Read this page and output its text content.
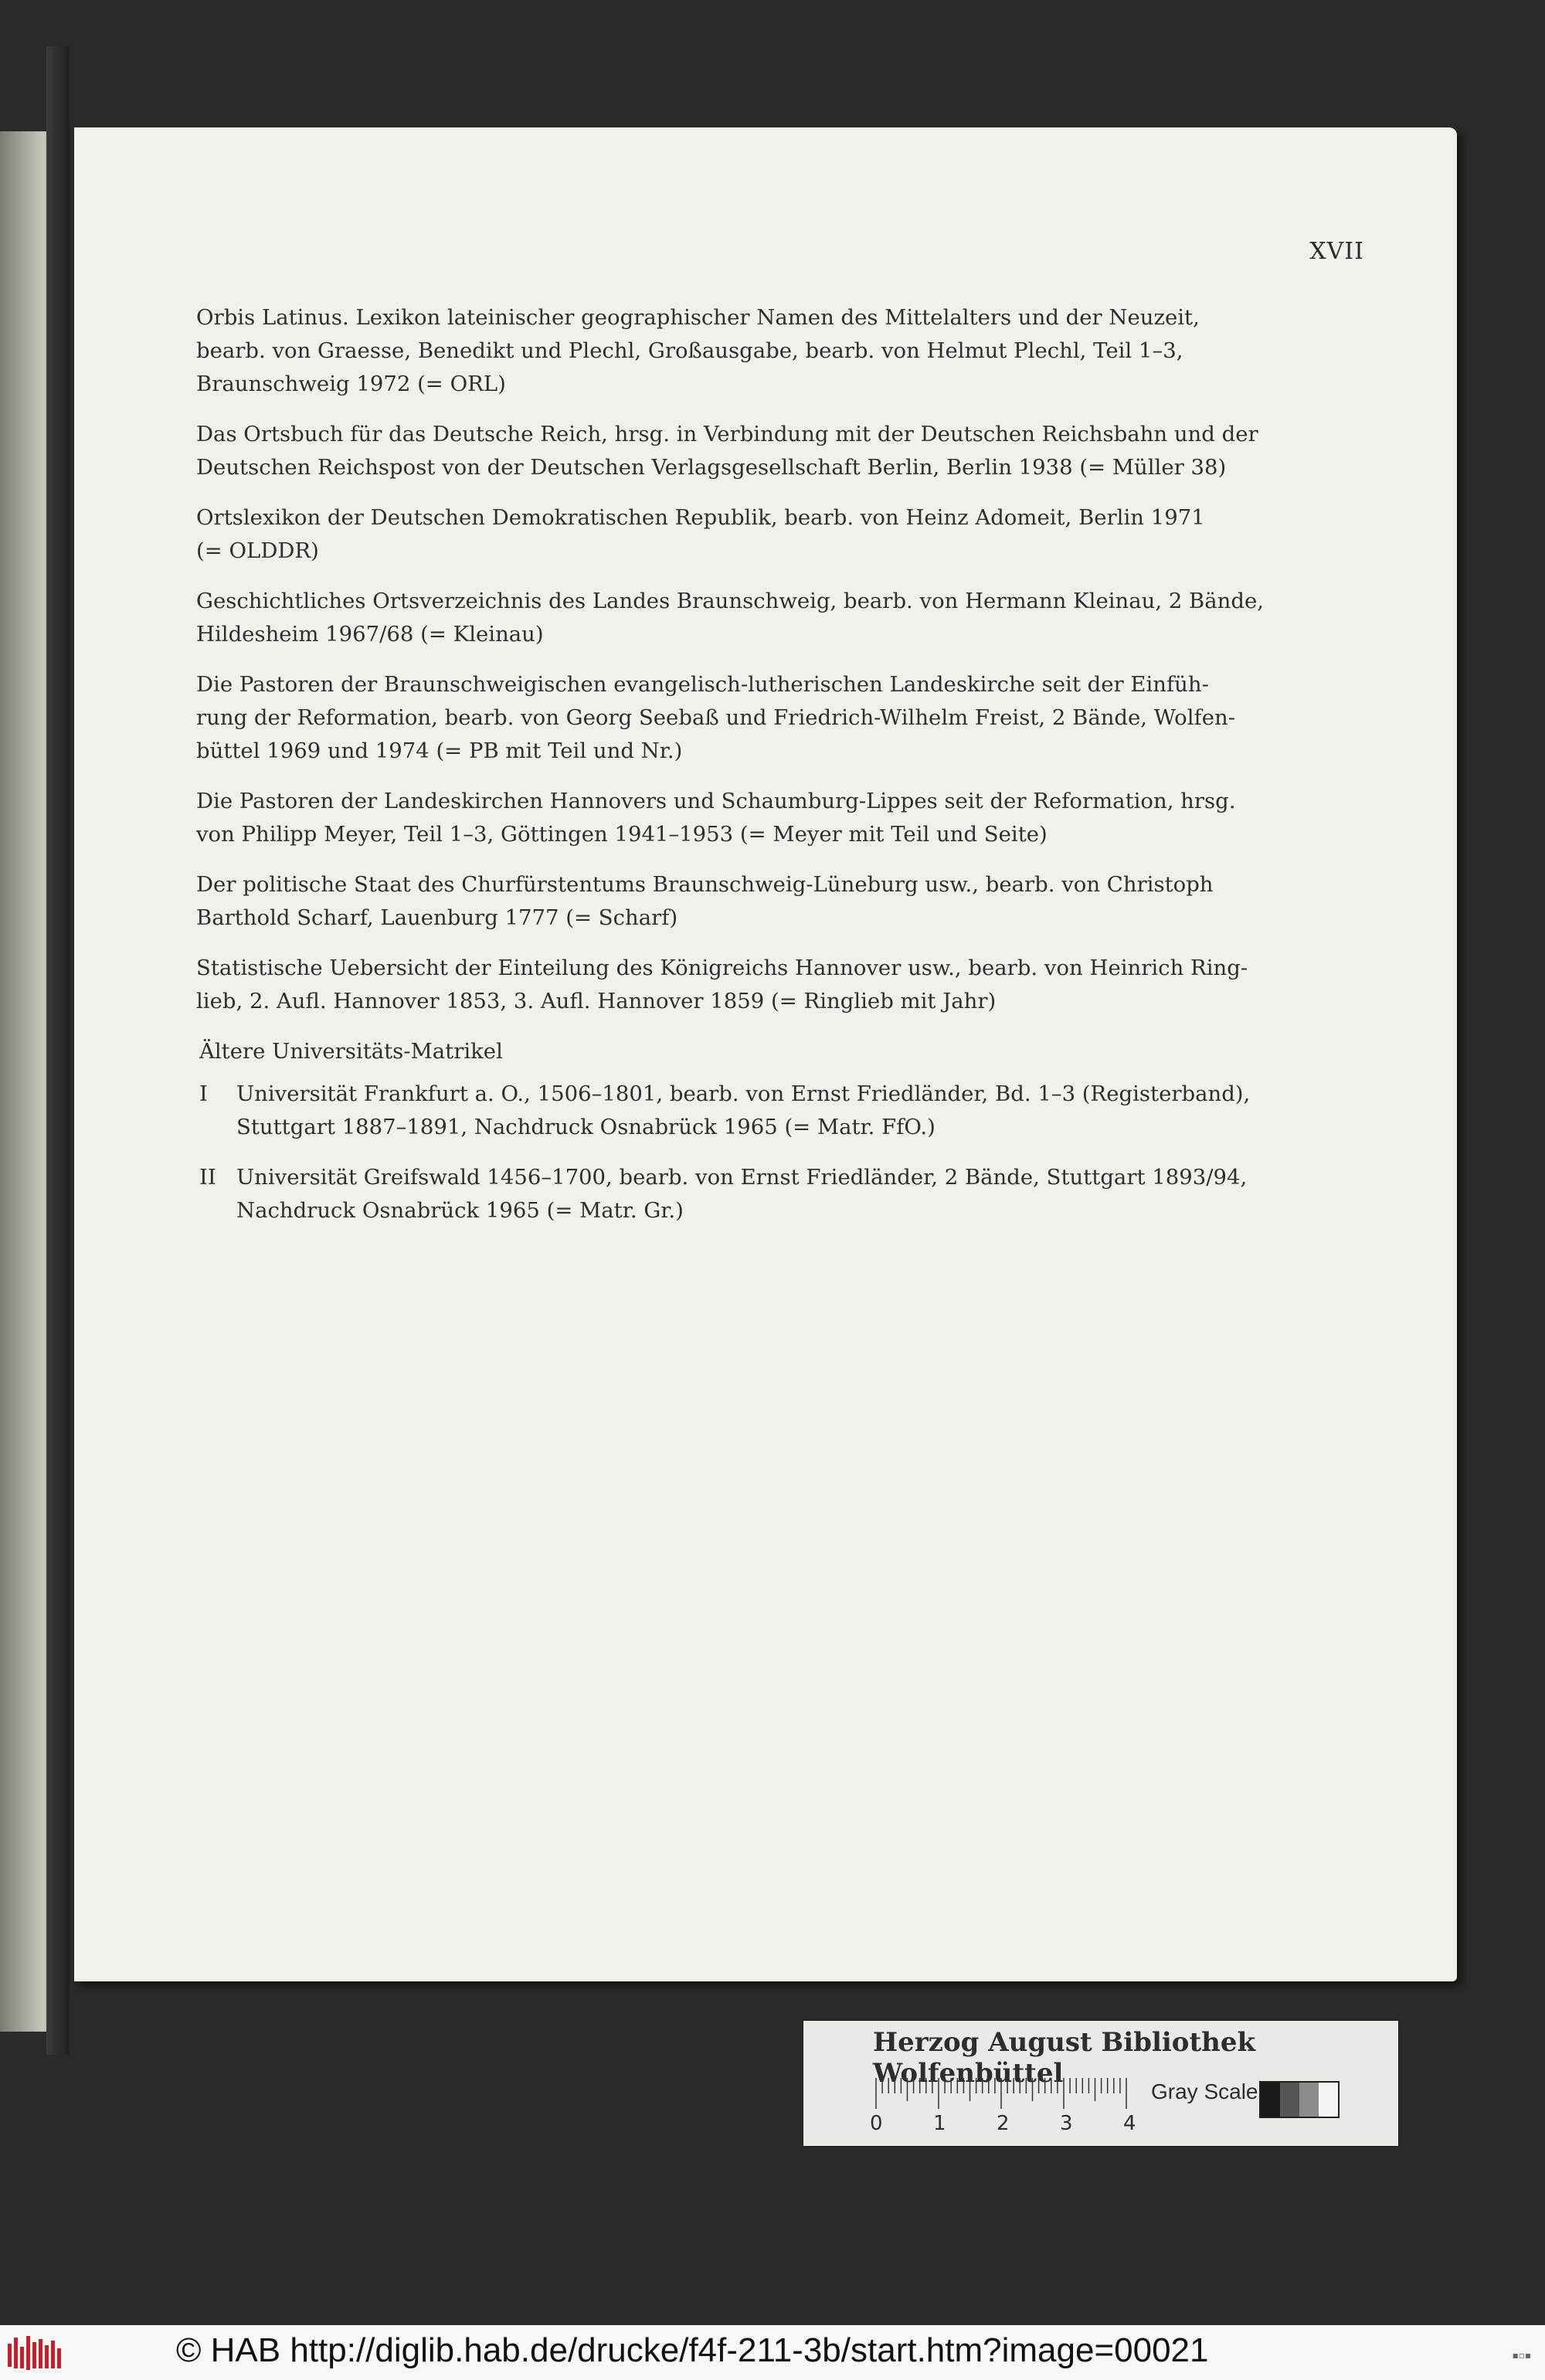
XVII
Orbis Latinus. Lexikon lateinischer geographischer Namen des Mittelalters und der Neuzeit,
bearb. von Graesse, Benedikt und Plechl, Großausgabe, bearb. von Helmut Plechl, Teil 1–3,
Braunschweig 1972 (= ORL)
Das Ortsbuch für das Deutsche Reich, hrsg. in Verbindung mit der Deutschen Reichsbahn und der
Deutschen Reichspost von der Deutschen Verlagsgesellschaft Berlin, Berlin 1938 (= Müller 38)
Ortslexikon der Deutschen Demokratischen Republik, bearb. von Heinz Adomeit, Berlin 1971
(= OLDDR)
Geschichtliches Ortsverzeichnis des Landes Braunschweig, bearb. von Hermann Kleinau, 2 Bände,
Hildesheim 1967/68 (= Kleinau)
Die Pastoren der Braunschweigischen evangelisch-lutherischen Landeskirche seit der Einfüh-
rung der Reformation, bearb. von Georg Seebaß und Friedrich-Wilhelm Freist, 2 Bände, Wolfen-
büttel 1969 und 1974 (= PB mit Teil und Nr.)
Die Pastoren der Landeskirchen Hannovers und Schaumburg-Lippes seit der Reformation, hrsg.
von Philipp Meyer, Teil 1–3, Göttingen 1941–1953 (= Meyer mit Teil und Seite)
Der politische Staat des Churfürstentums Braunschweig-Lüneburg usw., bearb. von Christoph
Barthold Scharf, Lauenburg 1777 (= Scharf)
Statistische Uebersicht der Einteilung des Königreichs Hannover usw., bearb. von Heinrich Ring-
lieb, 2. Aufl. Hannover 1853, 3. Aufl. Hannover 1859 (= Ringlieb mit Jahr)
Ältere Universitäts-Matrikel
I	Universität Frankfurt a. O., 1506–1801, bearb. von Ernst Friedländer, Bd. 1–3 (Registerband),
Stuttgart 1887–1891, Nachdruck Osnabrück 1965 (= Matr. FfO.)
II Universität Greifswald 1456–1700, bearb. von Ernst Friedländer, 2 Bände, Stuttgart 1893/94,
Nachdruck Osnabrück 1965 (= Matr. Gr.)
Herzog August Bibliothek Wolfenbüttel
0	1	2	3	4
Gray Scale
© HAB http://diglib.hab.de/drucke/f4f-211-3b/start.htm?image=00021	▪▫▪
